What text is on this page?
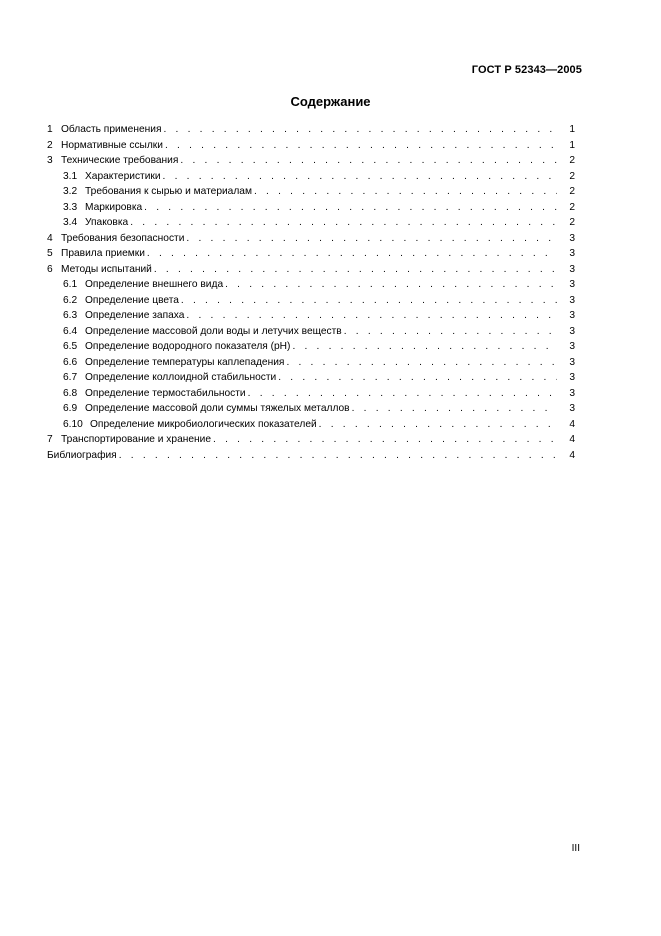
ГОСТ Р 52343—2005
Содержание
1 Область применения . . .	1
2 Нормативные ссылки . . .	1
3 Технические требования . . .	2
3.1 Характеристики . . .	2
3.2 Требования к сырью и материалам . . .	2
3.3 Маркировка . . .	2
3.4 Упаковка . . .	2
4 Требования безопасности . . .	3
5 Правила приемки . . .	3
6 Методы испытаний . . .	3
6.1 Определение внешнего вида . . .	3
6.2 Определение цвета . . .	3
6.3 Определение запаха . . .	3
6.4 Определение массовой доли воды и летучих веществ . . .	3
6.5 Определение водородного показателя (рН) . . .	3
6.6 Определение температуры каплепадения . . .	3
6.7 Определение коллоидной стабильности . . .	3
6.8 Определение термостабильности . . .	3
6.9 Определение массовой доли суммы тяжелых металлов . . .	3
6.10 Определение микробиологических показателей . . .	4
7 Транспортирование и хранение . . .	4
Библиография . . .	4
III
